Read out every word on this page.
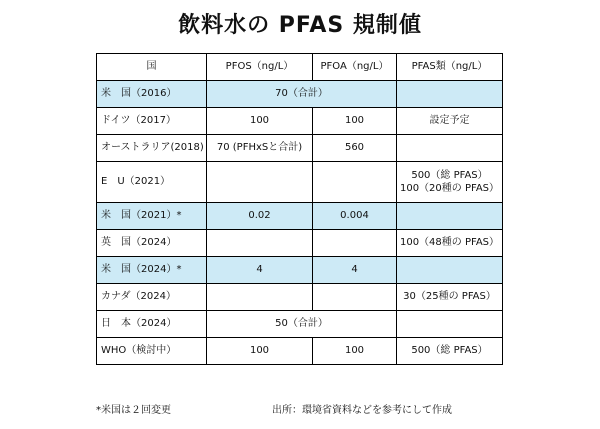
飲料水の PFAS 規制値
国	PFOS（ng/L）	PFOA（ng/L）	PFAS類（ng/L）
米　国（2016）	70（合計）		
ドイツ（2017）	100	100	設定予定
オーストラリア(2018)	70 (PFHxSと合計)	560	
E　U（2021）			500（総 PFAS）
100（20種の PFAS）

米　国（2021）*	0.02	0.004	
英　国（2024）			100（48種の PFAS）
米　国（2024）*	4	4	
カナダ（2024）			30（25種の PFAS）
日　本（2024）	50（合計）		
WHO（検討中）	100	100	500（総 PFAS）
*米国は２回変更	出所：環境省資料などを参考にして作成
